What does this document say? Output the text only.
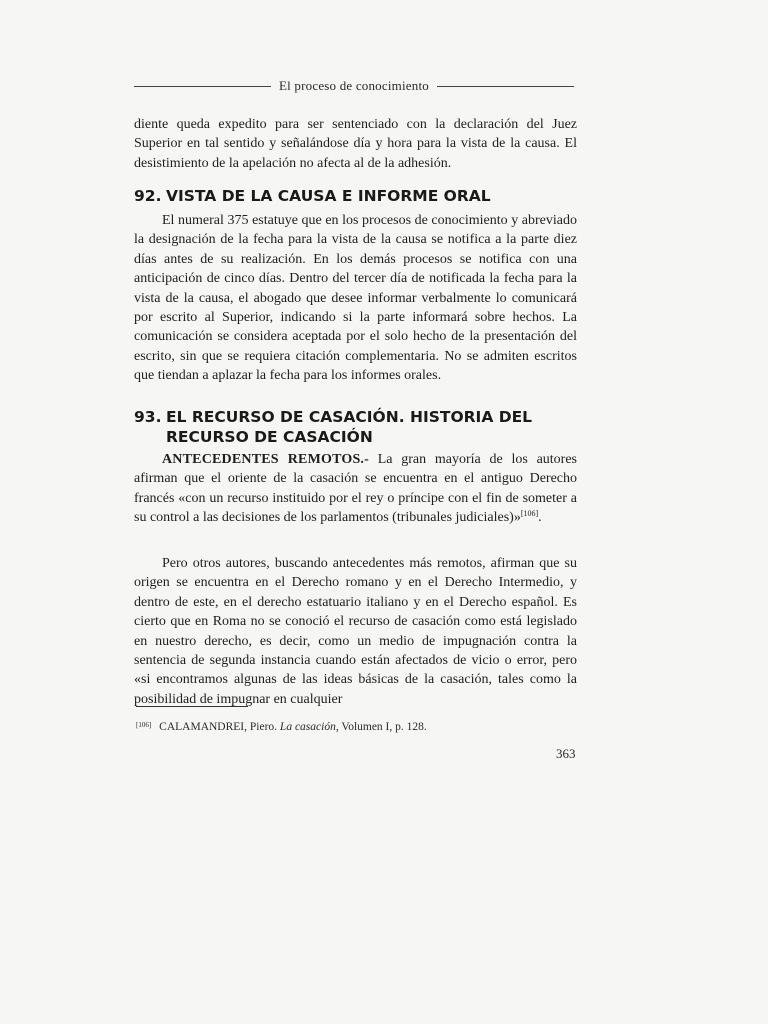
El proceso de conocimiento

diente queda expedito para ser sentenciado con la declaración del Juez Superior en tal sentido y señalándose día y hora para la vista de la causa. El desistimiento de la apelación no afecta al de la adhesión.

92. VISTA DE LA CAUSA E INFORME ORAL

El numeral 375 estatuye que en los procesos de conocimiento y abreviado la designación de la fecha para la vista de la causa se notifica a la parte diez días antes de su realización. En los demás procesos se notifica con una anticipación de cinco días. Dentro del tercer día de notificada la fecha para la vista de la causa, el abogado que desee informar verbalmente lo comunicará por escrito al Superior, indicando si la parte informará sobre hechos. La comunicación se considera aceptada por el solo hecho de la presentación del escrito, sin que se requiera citación complementaria. No se admiten escritos que tiendan a aplazar la fecha para los informes orales.

93. EL RECURSO DE CASACIÓN. HISTORIA DEL
RECURSO DE CASACIÓN

ANTECEDENTES REMOTOS.- La gran mayoría de los autores afirman que el oriente de la casación se encuentra en el antiguo Derecho francés «con un recurso instituido por el rey o príncipe con el fin de someter a su control a las decisiones de los parlamentos (tribunales judiciales)»[106].

Pero otros autores, buscando antecedentes más remotos, afirman que su origen se encuentra en el Derecho romano y en el Derecho Intermedio, y dentro de este, en el derecho estatuario italiano y en el Derecho español. Es cierto que en Roma no se conoció el recurso de casación como está legislado en nuestro derecho, es decir, como un medio de impugnación contra la sentencia de segunda instancia cuando están afectados de vicio o error, pero «si encontramos algunas de las ideas básicas de la casación, tales como la posibilidad de impugnar en cualquier

[106] CALAMANDREI, Piero. La casación, Volumen I, p. 128.

363
